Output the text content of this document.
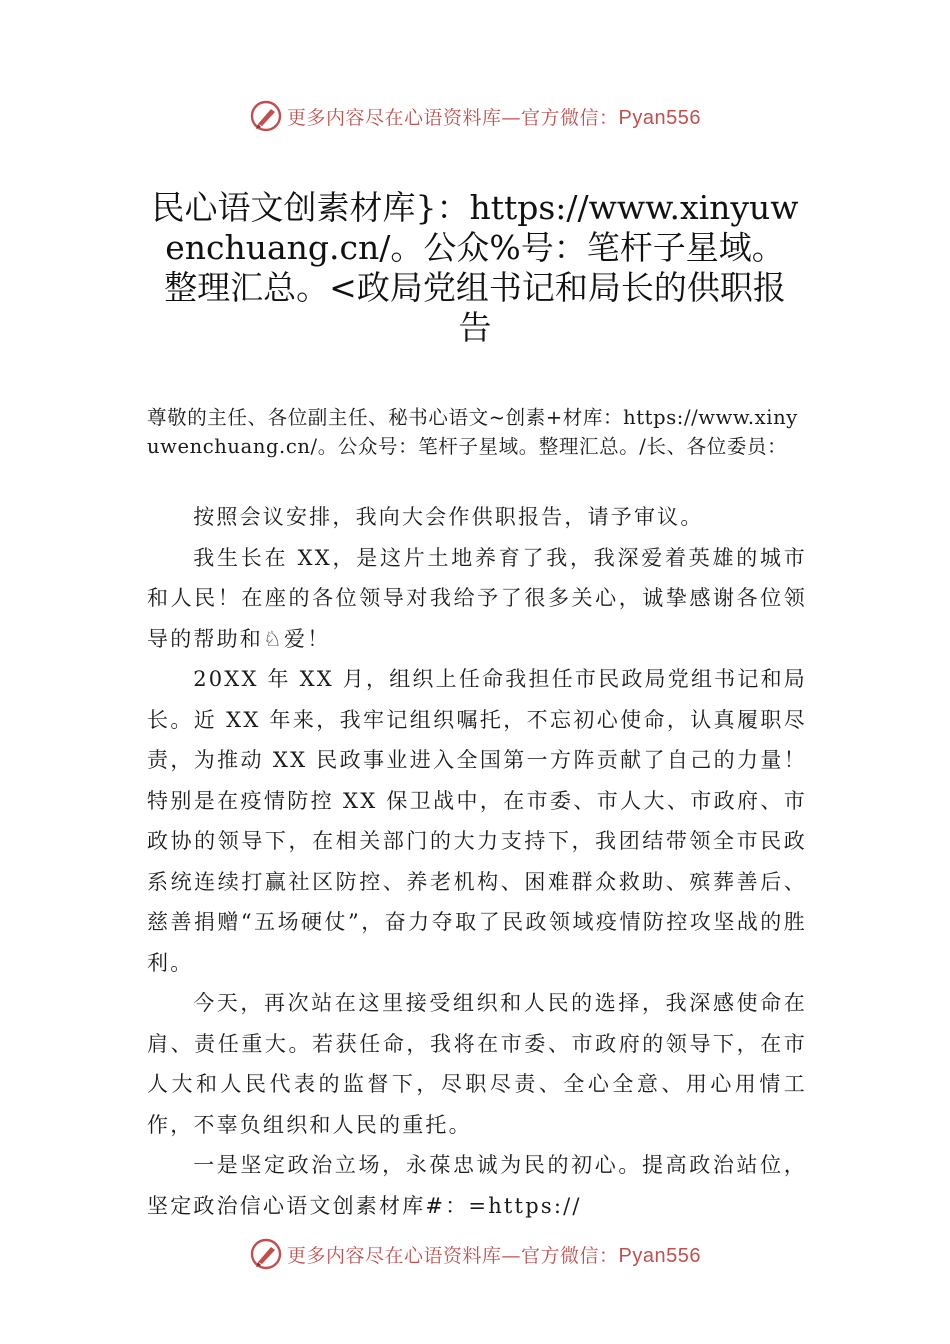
更多内容尽在心语资料库—官方微信：Pyan556
民心语文创素材库}：https://www.xinyuwenchuang.cn/。公众%号：笔杆子星域。整理汇总。<政局党组书记和局长的供职报告
尊敬的主任、各位副主任、秘书心语文~创素+材库：https://www.xinyuwenchuang.cn/。公众号：笔杆子星域。整理汇总。/长、各位委员：

按照会议安排，我向大会作供职报告，请予审议。

我生长在 XX，是这片土地养育了我，我深爱着英雄的城市和人民！在座的各位领导对我给予了很多关心，诚挚感谢各位领导的帮助和♘爱！

20XX 年 XX 月，组织上任命我担任市民政局党组书记和局长。近 XX 年来，我牢记组织嘱托，不忘初心使命，认真履职尽责，为推动 XX 民政事业进入全国第一方阵贡献了自己的力量！特别是在疫情防控 XX 保卫战中，在市委、市人大、市政府、市政协的领导下，在相关部门的大力支持下，我团结带领全市民政系统连续打赢社区防控、养老机构、困难群众救助、殡葬善后、慈善捐赠“五场硬仗”，奋力夺取了民政领域疫情防控攻坚战的胜利。

今天，再次站在这里接受组织和人民的选择，我深感使命在肩、责任重大。若获任命，我将在市委、市政府的领导下，在市人大和人民代表的监督下，尽职尽责、全心全意、用心用情工作，不辜负组织和人民的重托。

一是坚定政治立场，永葆忠诚为民的初心。提高政治站位，坚定政治信心语文创素材库#：=https://

更多内容尽在心语资料库—官方微信：Pyan556
